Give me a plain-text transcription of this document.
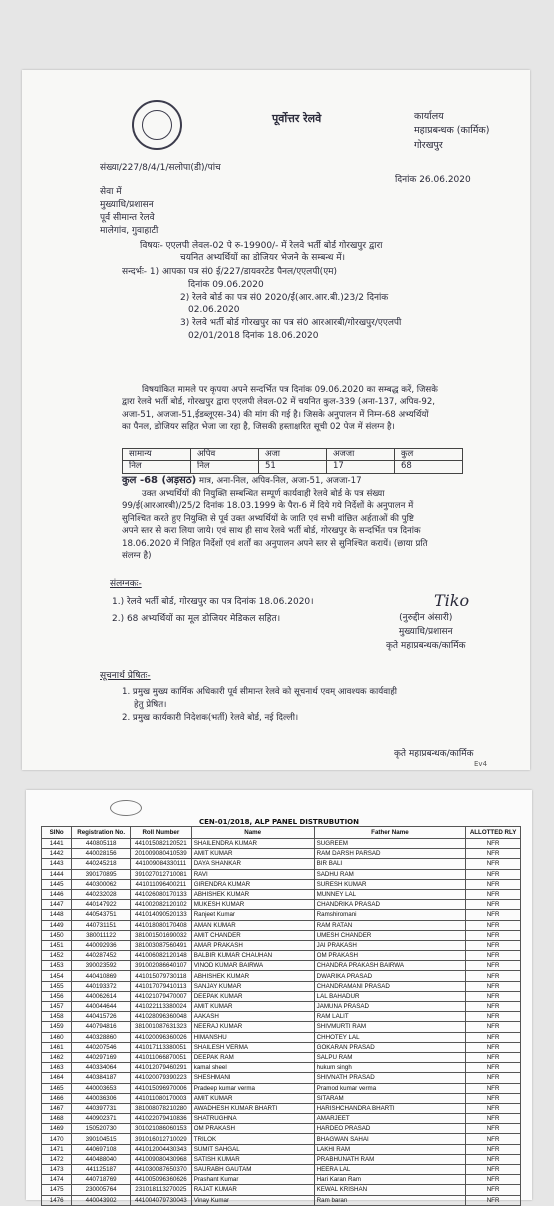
पूर्वोत्तर रेलवे	कार्यालय
महाप्रबन्धक (कार्मिक)
गोरखपुर
संख्या/227/8/4/1/सलोपा(डी)/पांच
दिनांक 26.06.2020
सेवा में
मुख्याधि/प्रशासन
पूर्व सीमान्त रेलवे
मालेगांव, गुवाहाटी
विषयः- एएलपी लेवल-02 पे रु-19900/- में रेलवे भर्ती बोर्ड गोरखपुर द्वारा
चयनित अभ्यर्थियों का डोजियर भेजने के सम्बन्ध में।
सन्दर्भः- 1) आपका पत्र सं0 ई/227/डायवरटेड पैनल/एएलपी(एम)
दिनांक 09.06.2020
2) रेलवे बोर्ड का पत्र सं0 2020/ई(आर.आर.बी.)23/2 दिनांक
02.06.2020
3) रेलवे भर्ती बोर्ड गोरखपुर का पत्र सं0 आरआरबी/गोरखपुर/एएलपी
02/01/2018 दिनांक 18.06.2020
विषयांकित मामले पर कृपया अपने सन्दर्भित पत्र दिनांक 09.06.2020 का सम्बद्ध करें, जिसके
द्वारा रेलवे भर्ती बोर्ड, गोरखपुर द्वारा एएलपी लेवल-02 में चयनित कुल-339 (अना-137, अपिव-92,
अजा-51, अजजा-51,ईडब्लूएस-34) की मांग की गई है। जिसके अनुपालन में निम्न-68 अभ्यर्थियों
का पैनल, डोजियर सहित भेजा जा रहा है, जिसकी हस्ताक्षरित सूची 02 पेज में संलग्न है।
सामान्य	अपिव	अजा	अजजा	कुल
निल	निल	51	17	68
कुल -68 (अड़सठ) मात्र, अना-निल, अपिव-निल, अजा-51, अजजा-17
उक्त अभ्यर्थियों की नियुक्ति सम्बन्धित सम्पूर्ण कार्यवाही रेलवे बोर्ड के पत्र संख्या
99/ई(आरआरबी)/25/2 दिनांक 18.03.1999 के पैरा-6 में दिये गये निर्देशों के अनुपालन में
सुनिश्चित करते हुए नियुक्ति से पूर्व उक्त अभ्यर्थियों के जाति एवं सभी वांछित अर्हताओं की पुष्टि
अपने स्तर से करा लिया जाये। एवं साथ ही साथ रेलवे भर्ती बोर्ड, गोरखपुर के सन्दर्भित पत्र दिनांक
18.06.2020 में निहित निर्देशों एवं शर्तों का अनुपालन अपने स्तर से सुनिश्चित करायें। (छाया प्रति
संलग्न है)
संलग्नकः-
1.) रेलवे भर्ती बोर्ड, गोरखपुर का पत्र दिनांक 18.06.2020।
2.) 68 अभ्यर्थियों का मूल डोजियर मेडिकल सहित।
Tiko
(नुरुद्दीन अंसारी)
मुख्याधि/प्रशासन
कृते महाप्रबन्धक/कार्मिक
सूचनार्थ प्रेषितः-
1. प्रमुख मुख्य कार्मिक अधिकारी पूर्व सीमान्त रेलवे को सूचनार्थ एवम् आवश्यक कार्यवाही
हेतु प्रेषित।
2. प्रमुख कार्यकारी निदेशक(भर्ती) रेलवे बोर्ड, नई दिल्ली।
कृते महाप्रबन्धक/कार्मिक
Ev4
CEN-01/2018, ALP PANEL DISTRUBUTION
SlNo	Registration No.	Roll Number	Name	Father Name	ALLOTTED RLY
1441	440805118	441015082120521	SHAILENDRA KUMAR	SUGREEM	NFR
1442	440028156	201009080410539	AMIT KUMAR	RAM DARSH PARSAD	NFR
1443	440245218	441009084330111	DAYA SHANKAR	BIR BALI	NFR
1444	390170895	391027012710081	RAVI	SADHU RAM	NFR
1445	440300062	441011096400211	GIRENDRA KUMAR	SURESH KUMAR	NFR
1446	440232028	441026080170133	ABHISHEK KUMAR	MUNNEY LAL	NFR
1447	440147922	441002082120102	MUKESH KUMAR	CHANDRIKA PRASAD	NFR
1448	440543751	441014090520133	Ranjeet Kumar	Ramshiromani	NFR
1449	440731151	441018080170408	AMAN KUMAR	RAM RATAN	NFR
1450	380011122	381001501690032	AMIT CHANDER	UMESH CHANDER	NFR
1451	440092936	381003087560491	AMAR PRAKASH	JAI PRAKASH	NFR
1452	440287452	441006082120148	BALBIR KUMAR CHAUHAN	OM PRAKASH	NFR
1453	390023592	391002086640107	VINOD KUMAR BAIRWA	CHANDRA PRAKASH BAIRWA	NFR
1454	440410869	441015079730118	ABHISHEK KUMAR	DWARIKA PRASAD	NFR
1455	440193372	441017079410113	SANJAY KUMAR	CHANDRAMANI PRASAD	NFR
1456	440062614	441021079470007	DEEPAK KUMAR	LAL BAHADUR	NFR
1457	440044644	441022113380024	AMIT KUMAR	JAMUNA PRASAD	NFR
1458	440415726	441028096360048	AAKASH	RAM LALIT	NFR
1459	440794816	381001087631323	NEERAJ KUMAR	SHIVMURTI RAM	NFR
1460	440328860	441020096360026	HIMANSHU	CHHOTEY LAL	NFR
1461	440207546	441017113380051	SHAILESH VERMA	GOKARAN PRASAD	NFR
1462	440297169	441011066870051	DEEPAK RAM	SALPU RAM	NFR
1463	440334064	441012079460291	kamal sheel	hukum singh	NFR
1464	440384187	441020079390223	SHESHMANI	SHIVNATH PRASAD	NFR
1465	440003653	441015096970006	Pradeep kumar verma	Pramod kumar verma	NFR
1466	440036306	441011080170003	AMIT KUMAR	SITARAM	NFR
1467	440397731	381008078210280	AWADHESH KUMAR BHARTI	HARISHCHANDRA BHARTI	NFR
1468	440902371	441022079410836	SHATRUGHNA	AMARJEET	NFR
1469	150520730	301021086060153	OM PRAKASH	HARDEO PRASAD	NFR
1470	390104515	391016012710029	TRILOK	BHAGWAN SAHAI	NFR
1471	440697108	441012004430343	SUMIT SAHGAL	LAKHI RAM	NFR
1472	440488040	441009080430968	SATISH KUMAR	PRABHUNATH RAM	NFR
1473	441125187	441030087650370	SAURABH GAUTAM	HEERA LAL	NFR
1474	440718769	441005096360626	Prashant Kumar	Hari Karan Ram	NFR
1475	230005764	231018113270025	RAJAT KUMAR	KEWAL KRISHAN	NFR
1476	440043902	441004079730043	Vinay Kumar	Ram baran	NFR
